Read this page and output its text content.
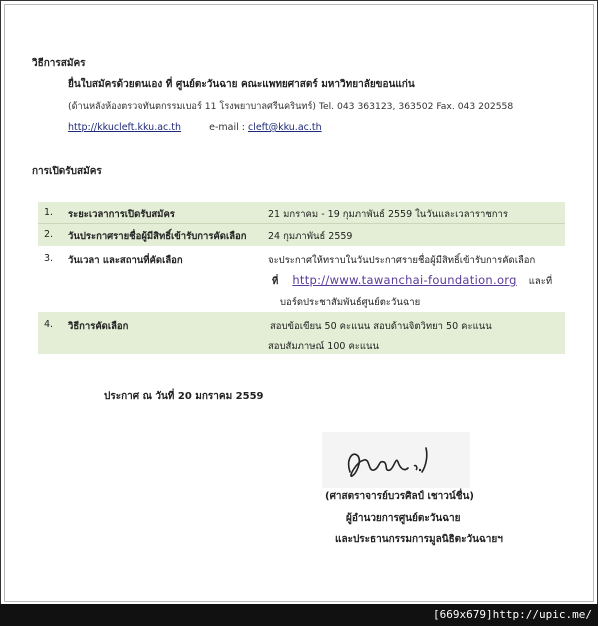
วิธีการสมัคร
ยื่นใบสมัครด้วยตนเอง ที่ ศูนย์ตะวันฉาย คณะแพทยศาสตร์ มหาวิทยาลัยขอนแก่น
(ด้านหลังห้องตรวจทันตกรรมเบอร์ 11 โรงพยาบาลศรีนครินทร์) Tel. 043 363123, 363502 Fax. 043 202558
http://kkucleft.kku.ac.th	e-mail : cleft@kku.ac.th
การเปิดรับสมัคร
1. ระยะเวลาการเปิดรับสมัคร	21 มกราคม - 19 กุมภาพันธ์ 2559 ในวันและเวลาราชการ
2. วันประกาศรายชื่อผู้มีสิทธิ์เข้ารับการคัดเลือก 24 กุมภาพันธ์ 2559
3. วันเวลา และสถานที่คัดเลือก	จะประกาศให้ทราบในวันประกาศรายชื่อผู้มีสิทธิ์เข้ารับการคัดเลือก
ที่ http://www.tawanchai-foundation.org และที่
บอร์ดประชาสัมพันธ์ศูนย์ตะวันฉาย
4. วิธีการคัดเลือก	สอบข้อเขียน 50 คะแนน สอบด้านจิตวิทยา 50 คะแนน
สอบสัมภาษณ์ 100 คะแนน
ประกาศ ณ วันที่ 20 มกราคม 2559
(ศาสตราจารย์บวรศิลป์ เชาวน์ชื่น)
ผู้อำนวยการศูนย์ตะวันฉาย
และประธานกรรมการมูลนิธิตะวันฉายฯ
[669x679]http://upic.me/
